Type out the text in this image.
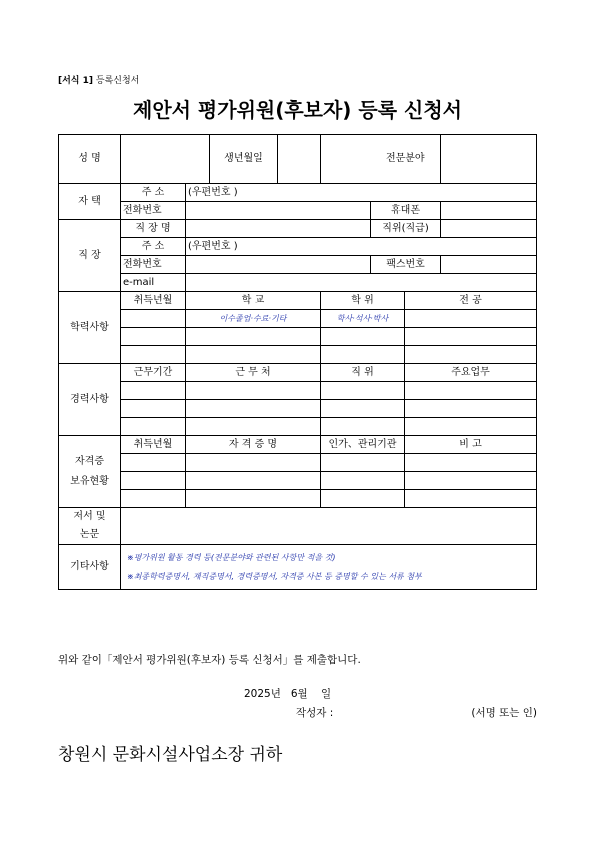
[서식 1] 등록신청서
제안서 평가위원(후보자) 등록 신청서
성 명			생년월일			전문분야		
자 택	주 소	(우편번호 )						
	전화번호					휴대폰		
직 장	직 장 명					직위(직급)		
	주 소	(우편번호 )						
	전화번호					팩스번호		
	e-mail							
학력사항	취득년월	학 교			학 위		전 공	
		이수졸업·수료·기타			학사·석사·박사			

경력사항	근무기간	근 무 처			직 위		주요업무	

자격증
보유현황	취득년월	자 격 증 명			인가、관리기관		비 고	

저서 및
논문								

기타사항	※평가위원 활동 경력 등(전문분야와 관련된 사항만 적을 것)
※최종학력증명서, 재직증명서, 경력증명서, 자격증 사본 등 증명할 수 있는 서류 첨부							
위와 같이「제안서 평가위원(후보자) 등록 신청서」를 제출합니다.
2025년   6월    일
작성자 :	(서명 또는 인)
창원시 문화시설사업소장 귀하
